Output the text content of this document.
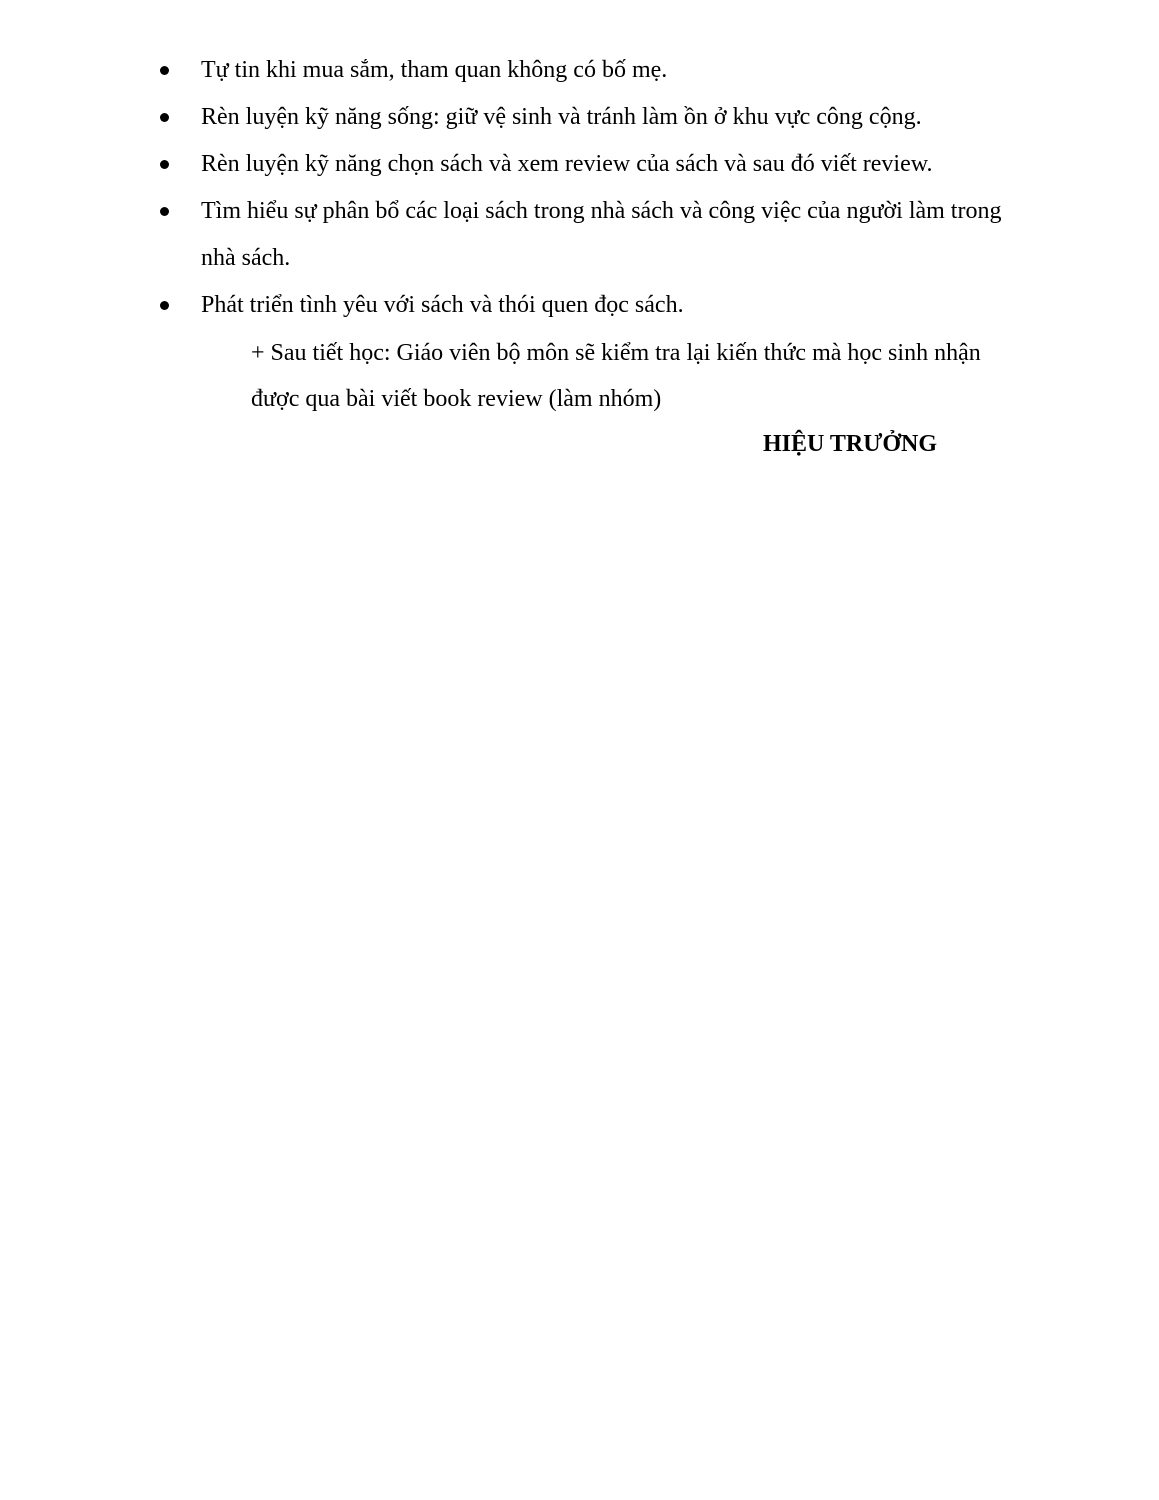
Tự tin khi mua sắm, tham quan không có bố mẹ.
Rèn luyện kỹ năng sống: giữ vệ sinh và tránh làm ồn ở khu vực công cộng.
Rèn luyện kỹ năng chọn sách và xem review của sách và sau đó viết review.
Tìm hiểu sự phân bổ các loại sách trong nhà sách và công việc của người làm trong
nhà sách.
Phát triển tình yêu với sách và thói quen đọc sách.
+ Sau tiết học: Giáo viên bộ môn sẽ kiểm tra lại kiến thức mà học sinh nhận
được qua bài viết book review (làm nhóm)
HIỆU TRƯỞNG
